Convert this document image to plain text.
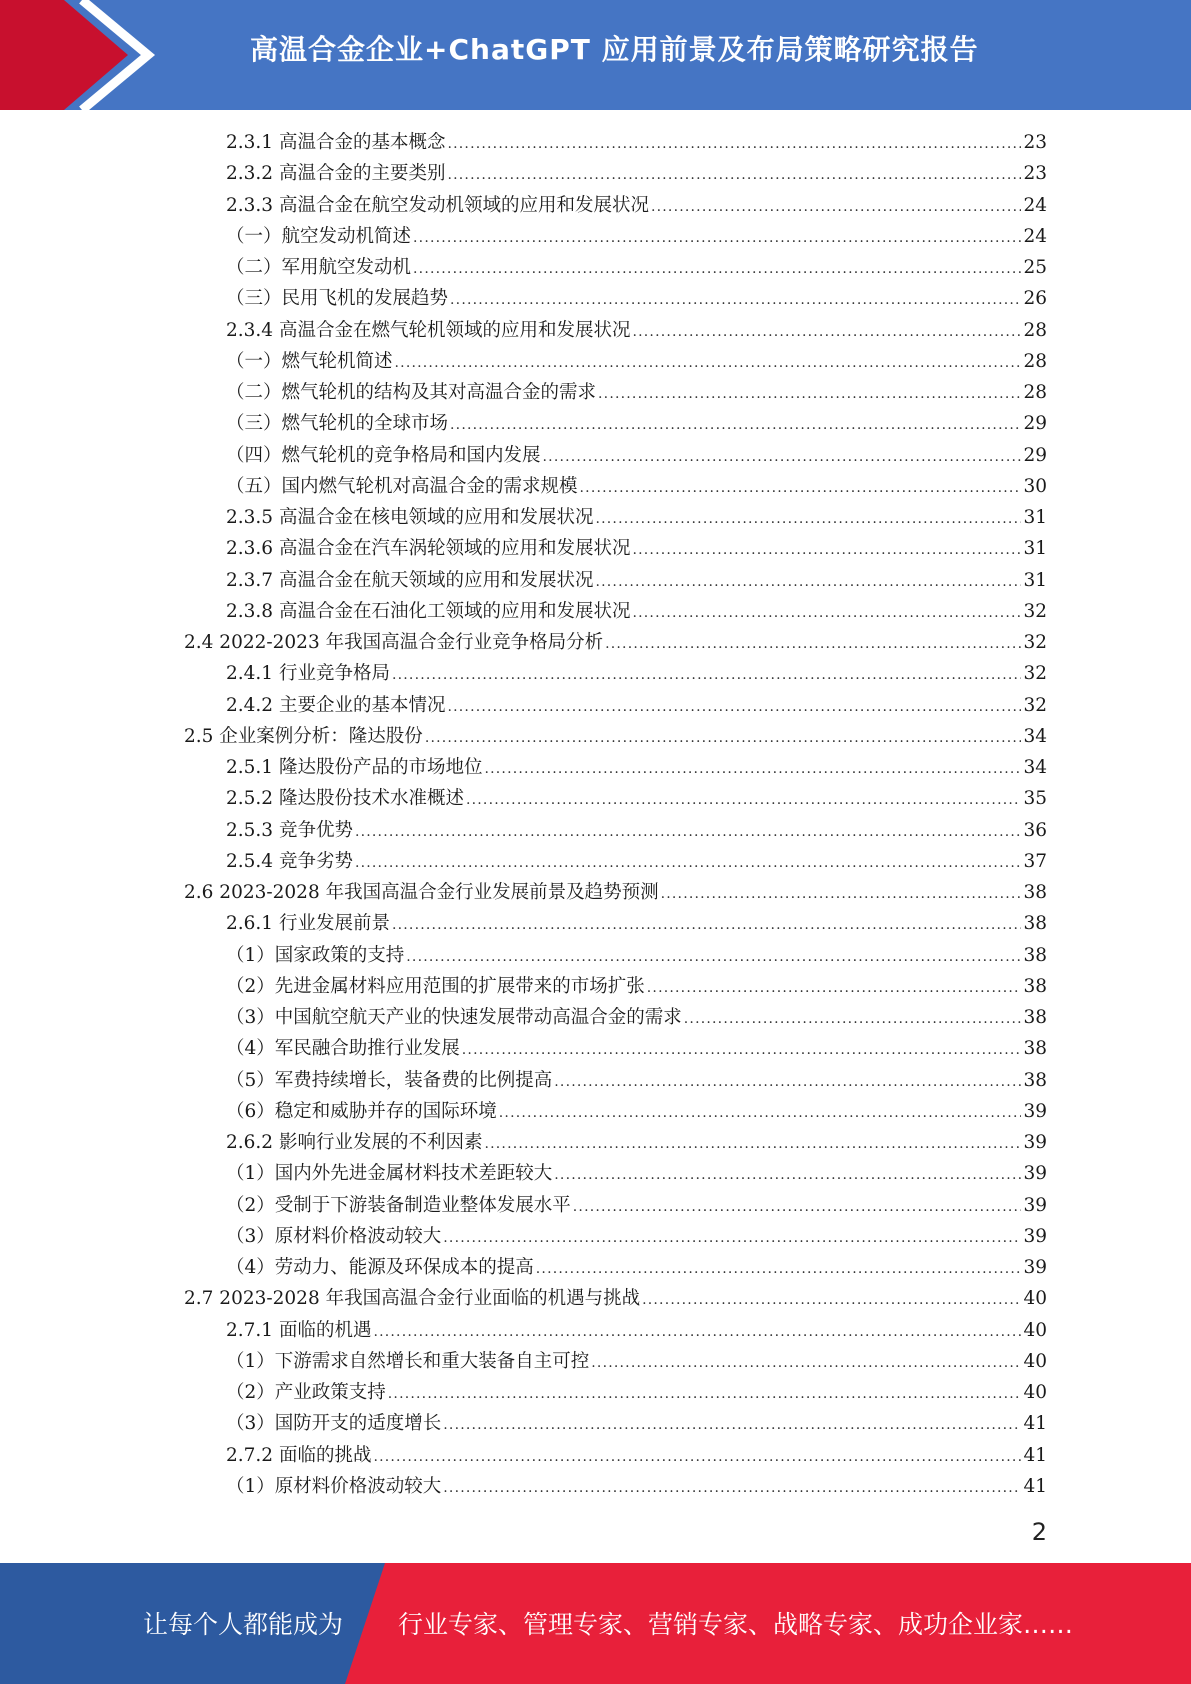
高温合金企业+ChatGPT 应用前景及布局策略研究报告
2.3.1 高温合金的基本概念 .....	23
2.3.2 高温合金的主要类别 .....	23
2.3.3 高温合金在航空发动机领域的应用和发展状况 .....	24
（一）航空发动机简述 .....	24
（二）军用航空发动机 .....	25
（三）民用飞机的发展趋势 .....	26
2.3.4 高温合金在燃气轮机领域的应用和发展状况 .....	28
（一）燃气轮机简述 .....	28
（二）燃气轮机的结构及其对高温合金的需求 .....	28
（三）燃气轮机的全球市场 .....	29
（四）燃气轮机的竞争格局和国内发展 .....	29
（五）国内燃气轮机对高温合金的需求规模 .....	30
2.3.5 高温合金在核电领域的应用和发展状况 .....	31
2.3.6 高温合金在汽车涡轮领域的应用和发展状况 .....	31
2.3.7 高温合金在航天领域的应用和发展状况 .....	31
2.3.8 高温合金在石油化工领域的应用和发展状况 .....	32
2.4 2022-2023 年我国高温合金行业竞争格局分析 .....	32
2.4.1 行业竞争格局 .....	32
2.4.2 主要企业的基本情况 .....	32
2.5 企业案例分析：隆达股份 .....	34
2.5.1 隆达股份产品的市场地位 .....	34
2.5.2 隆达股份技术水准概述 .....	35
2.5.3 竞争优势 .....	36
2.5.4 竞争劣势 .....	37
2.6 2023-2028 年我国高温合金行业发展前景及趋势预测 .....	38
2.6.1 行业发展前景 .....	38
（1）国家政策的支持 .....	38
（2）先进金属材料应用范围的扩展带来的市场扩张 .....	38
（3）中国航空航天产业的快速发展带动高温合金的需求 .....	38
（4）军民融合助推行业发展 .....	38
（5）军费持续增长，装备费的比例提高 .....	38
（6）稳定和威胁并存的国际环境 .....	39
2.6.2 影响行业发展的不利因素 .....	39
（1）国内外先进金属材料技术差距较大 .....	39
（2）受制于下游装备制造业整体发展水平 .....	39
（3）原材料价格波动较大 .....	39
（4）劳动力、能源及环保成本的提高 .....	39
2.7 2023-2028 年我国高温合金行业面临的机遇与挑战 .....	40
2.7.1 面临的机遇 .....	40
（1）下游需求自然增长和重大装备自主可控 .....	40
（2）产业政策支持 .....	40
（3）国防开支的适度增长 .....	41
2.7.2 面临的挑战 .....	41
（1）原材料价格波动较大 .....	41
2
让每个人都能成为 行业专家、管理专家、营销专家、战略专家、成功企业家……
